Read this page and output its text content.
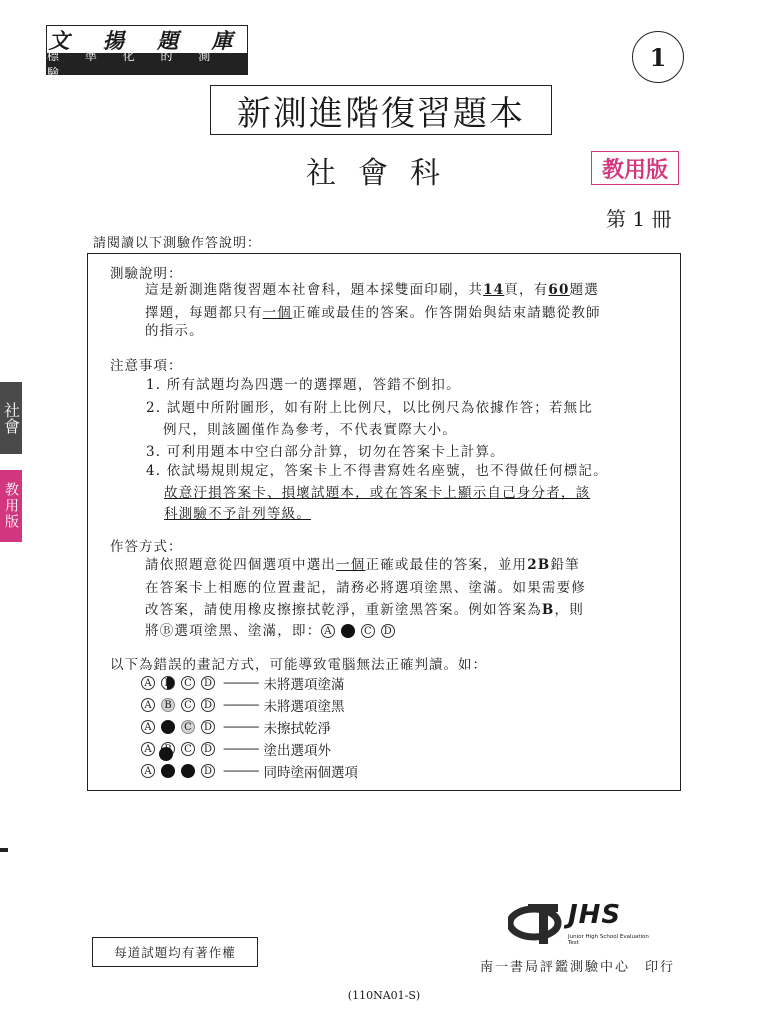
文 揚 題 庫
標 準 化 的 測 驗
1
新測進階復習題本
社會科	教用版
第 1 冊
請閱讀以下測驗作答說明：
測驗說明：
這是新測進階復習題本社會科，題本採雙面印刷，共14頁，有60題選
擇題，每題都只有一個正確或最佳的答案。作答開始與結束請聽從教師
的指示。
注意事項：
1. 所有試題均為四選一的選擇題，答錯不倒扣。
2. 試題中所附圖形，如有附上比例尺，以比例尺為依據作答；若無比
例尺，則該圖僅作為參考，不代表實際大小。
3. 可利用題本中空白部分計算，切勿在答案卡上計算。
4. 依試場規則規定，答案卡上不得書寫姓名座號，也不得做任何標記。
故意汙損答案卡、損壞試題本，或在答案卡上顯示自己身分者，該
科測驗不予計列等級。
作答方式：
請依照題意從四個選項中選出一個正確或最佳的答案，並用2B鉛筆
在答案卡上相應的位置畫記，請務必將選項塗黑、塗滿。如果需要修
改答案，請使用橡皮擦擦拭乾淨，重新塗黑答案。例如答案為B，則
將Ⓑ選項塗黑、塗滿，即： A	C D
以下為錯誤的畫記方式，可能導致電腦無法正確判讀。如：
A	B	C	D ——— 未將選項塗滿
A	B	C	D ——— 未將選項塗黑
A	C	D ——— 未擦拭乾淨
A	C	D ——— 塗出選項外
A	D ——— 同時塗兩個選項
社會
教用版
每道試題均有著作權
JHS
Junior High School Evaluation Test
南一書局評鑑測驗中心　印行
(110NA01-S)
